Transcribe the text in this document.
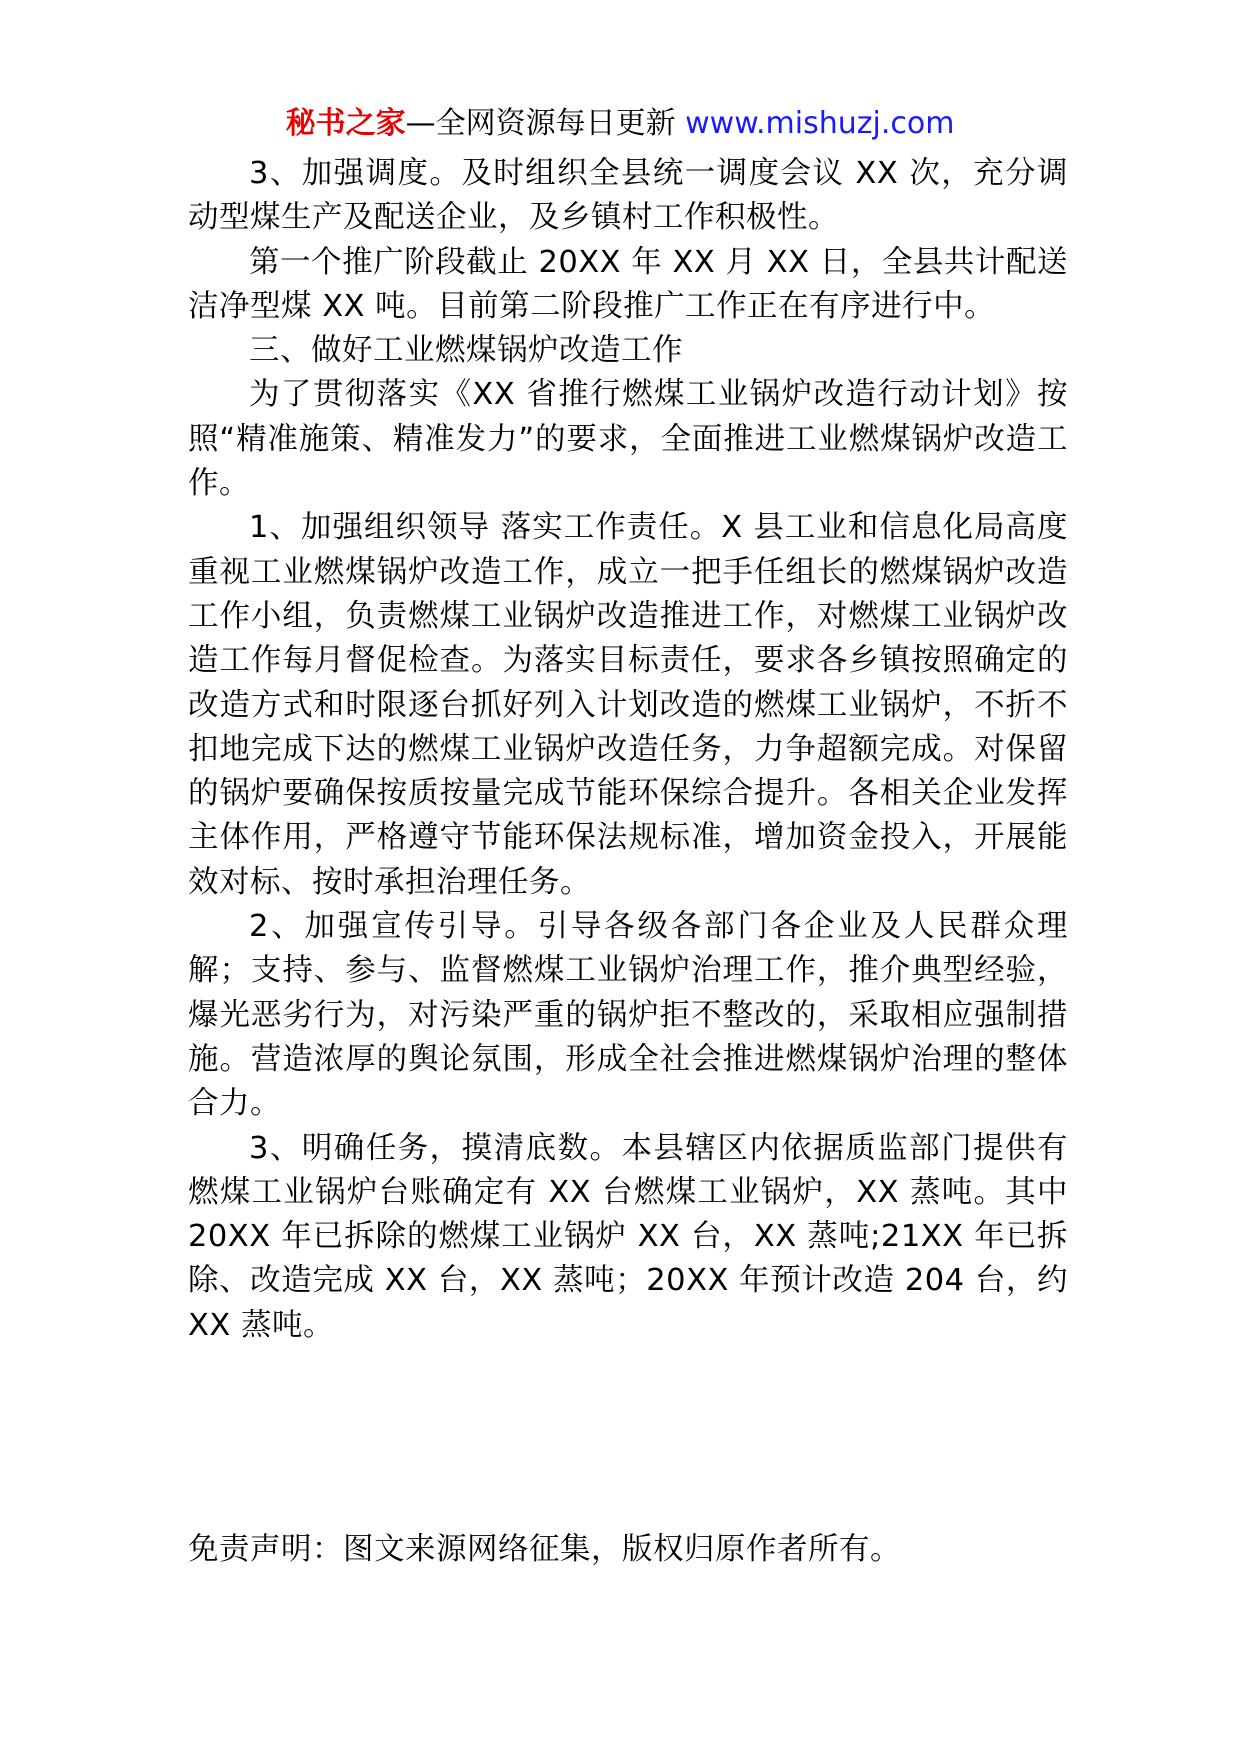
秘书之家—全网资源每日更新 www.mishuzj.com

3、加强调度。及时组织全县统一调度会议 XX 次，充分调动型煤生产及配送企业，及乡镇村工作积极性。

第一个推广阶段截止 20XX 年 XX 月 XX 日，全县共计配送洁净型煤 XX 吨。目前第二阶段推广工作正在有序进行中。

三、做好工业燃煤锅炉改造工作

为了贯彻落实《XX 省推行燃煤工业锅炉改造行动计划》按照“精准施策、精准发力”的要求，全面推进工业燃煤锅炉改造工作。

1、加强组织领导 落实工作责任。X 县工业和信息化局高度重视工业燃煤锅炉改造工作，成立一把手任组长的燃煤锅炉改造工作小组，负责燃煤工业锅炉改造推进工作，对燃煤工业锅炉改造工作每月督促检查。为落实目标责任，要求各乡镇按照确定的改造方式和时限逐台抓好列入计划改造的燃煤工业锅炉，不折不扣地完成下达的燃煤工业锅炉改造任务，力争超额完成。对保留的锅炉要确保按质按量完成节能环保综合提升。各相关企业发挥主体作用，严格遵守节能环保法规标准，增加资金投入，开展能效对标、按时承担治理任务。

2、加强宣传引导。引导各级各部门各企业及人民群众理解；支持、参与、监督燃煤工业锅炉治理工作，推介典型经验，爆光恶劣行为，对污染严重的锅炉拒不整改的，采取相应强制措施。营造浓厚的舆论氛围，形成全社会推进燃煤锅炉治理的整体合力。

3、明确任务，摸清底数。本县辖区内依据质监部门提供有燃煤工业锅炉台账确定有 XX 台燃煤工业锅炉，XX 蒸吨。其中 20XX 年已拆除的燃煤工业锅炉 XX 台，XX 蒸吨;21XX 年已拆除、改造完成 XX 台，XX 蒸吨；20XX 年预计改造 204 台，约 XX 蒸吨。

免责声明：图文来源网络征集，版权归原作者所有。
